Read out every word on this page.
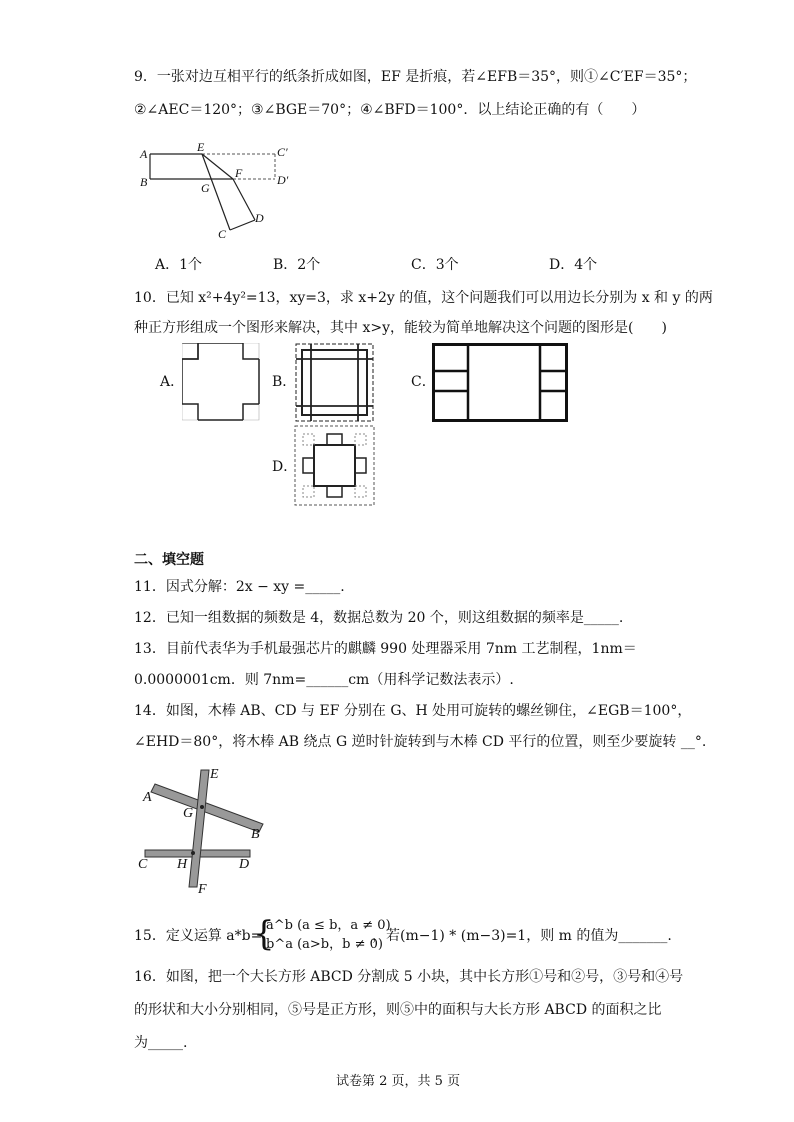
9．一张对边互相平行的纸条折成如图，EF 是折痕，若∠EFB＝35°，则①∠C′EF＝35°；
②∠AEC＝120°；③∠BGE＝70°；④∠BFD＝100°．以上结论正确的有（　　）
A
B
E
G
F
C′
D′
C
D
A．1个	B．2个	C．3个	D．4个
10．已知 x²+4y²=13，xy=3，求 x+2y 的值，这个问题我们可以用边长分别为 x 和 y 的两
种正方形组成一个图形来解决，其中 x>y，能较为简单地解决这个问题的图形是(　　)
A．	B．	C．
D．
二、填空题
11．因式分解：2x − xy =_____.
12．已知一组数据的频数是 4，数据总数为 20 个，则这组数据的频率是_____.
13．目前代表华为手机最强芯片的麒麟 990 处理器采用 7nm 工艺制程，1nm＝
0.0000001cm．则 7nm=______cm（用科学记数法表示）.
14．如图，木棒 AB、CD 与 EF 分别在 G、H 处用可旋转的螺丝铆住，∠EGB＝100°，
∠EHD＝80°，将木棒 AB 绕点 G 逆时针旋转到与木棒 CD 平行的位置，则至少要旋转 __°.
A
E
G
B
C H	D
F
15．定义运算 a*b=
{
a^b (a ≤ b，a ≠ 0)
b^a (a>b，b ≠ 0)
，若(m−1) * (m−3)=1，则 m 的值为_______.
16．如图，把一个大长方形 ABCD 分割成 5 小块，其中长方形①号和②号，③号和④号
的形状和大小分别相同，⑤号是正方形，则⑤中的面积与大长方形 ABCD 的面积之比
为_____.
试卷第 2 页，共 5 页
